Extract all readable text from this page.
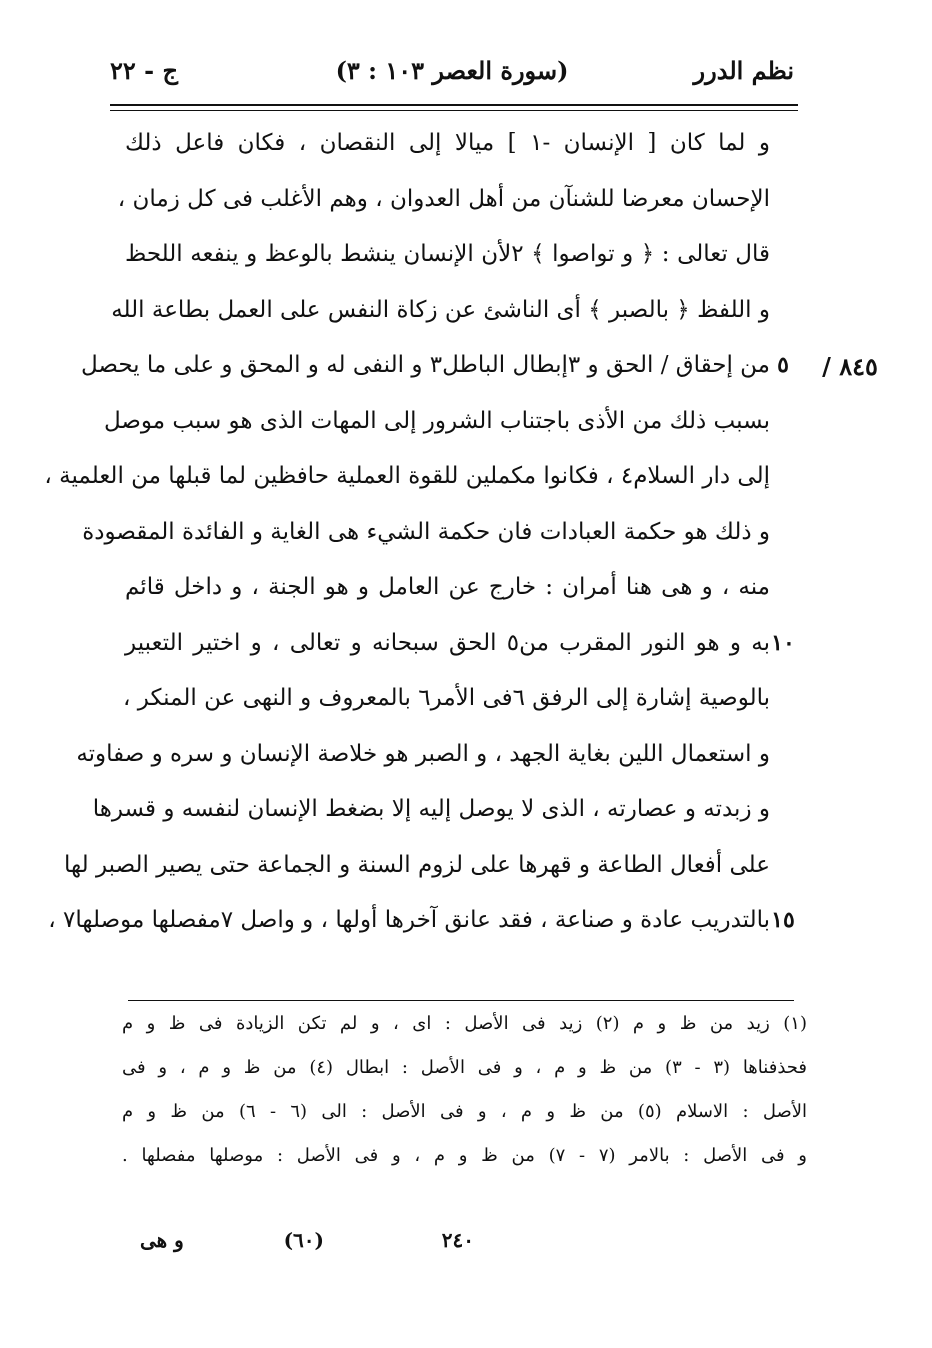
نظم الدرر
(سورة العصر ١٠٣ : ٣)
ج - ٢٢
و لما كان [ الإنسان -١ ] ميالا إلى النقصان ، فكان فاعل ذلك
الإحسان معرضا للشنآن من أهل العدوان ، وهم الأغلب فى كل زمان ،
قال تعالى : ﴿ و تواصوا ﴾ ٢لأن الإنسان ينشط بالوعظ و ينفعه اللحظ
و اللفظ ﴿ بالصبر ﴾ أى الناشئ عن زكاة النفس على العمل بطاعة الله
٨٤٥ /
٥
من إحقاق / الحق و ٣إبطال الباطل٣ و النفى له و المحق و على ما يحصل
بسبب ذلك من الأذى باجتناب الشرور إلى المهات الذى هو سبب موصل
إلى دار السلام٤ ، فكانوا مكملين للقوة العملية حافظين لما قبلها من العلمية ،
و ذلك هو حكمة العبادات فان حكمة الشيء هى الغاية و الفائدة المقصودة
منه ، و هى هنا أمران : خارج عن العامل و هو الجنة ، و داخل قائم
١٠
به و هو النور المقرب من٥ الحق سبحانه و تعالى ، و اختير التعبير
بالوصية إشارة إلى الرفق ٦فى الأمر٦ بالمعروف و النهى عن المنكر ،
و استعمال اللين بغاية الجهد ، و الصبر هو خلاصة الإنسان و سره و صفاوته
و زبدته و عصارته ، الذى لا يوصل إليه إلا بضغط الإنسان لنفسه و قسرها
على أفعال الطاعة و قهرها على لزوم السنة و الجماعة حتى يصير الصبر لها
١٥
بالتدريب عادة و صناعة ، فقد عانق آخرها أولها ، و واصل ٧مفصلها موصلها٧ ،
(١) زيد من ظ و م (٢) زيد فى الأصل : اى ، و لم تكن الزيادة فى ظ و م
فحذفناها (٣ - ٣) من ظ و م ، و فى الأصل : ابطال (٤) من ظ و م ، و فى
الأصل : الاسلام (٥) من ظ و م ، و فى الأصل : الى (٦ - ٦) من ظ و م
و فى الأصل : بالامر (٧ - ٧) من ظ و م ، و فى الأصل : موصلها مفصلها .
٢٤٠
(٦٠)
و هى
